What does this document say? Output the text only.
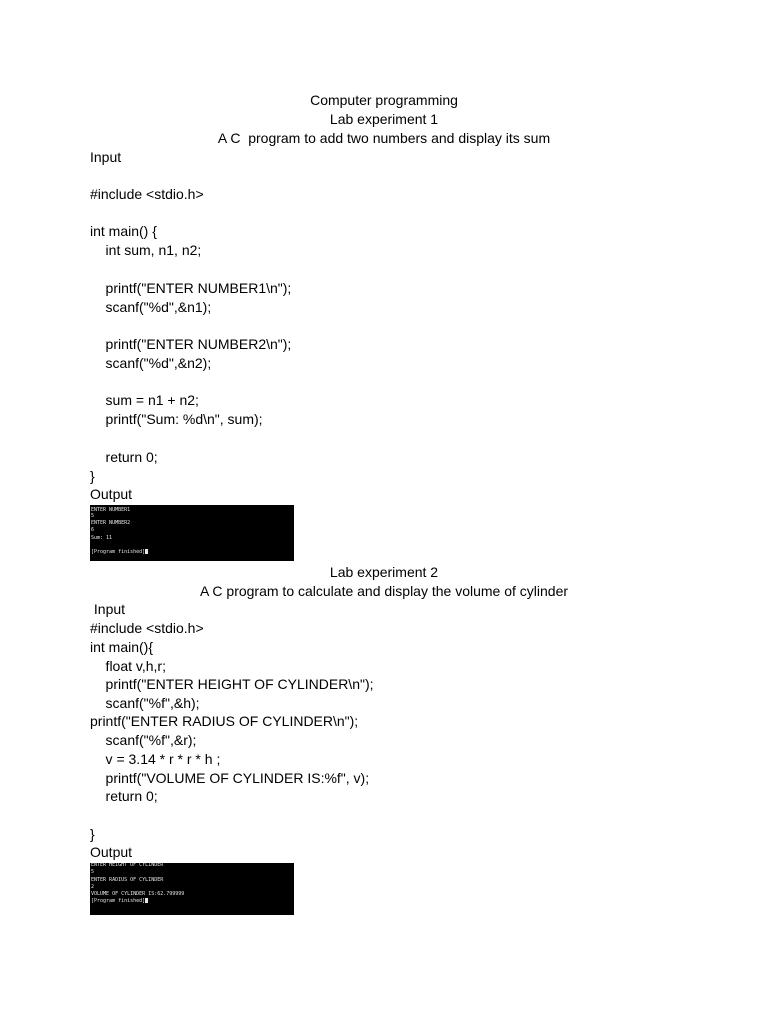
Computer programming
Lab experiment 1
A C  program to add two numbers and display its sum
Input
#include <stdio.h>
int main() {
int sum, n1, n2;
printf("ENTER NUMBER1\n");
scanf("%d",&n1);
printf("ENTER NUMBER2\n");
scanf("%d",&n2);
sum = n1 + n2;
printf("Sum: %d\n", sum);
return 0;
}
Output
ENTER NUMBER1
5
ENTER NUMBER2
6
Sum: 11
[Program finished]
Lab experiment 2
A C program to calculate and display the volume of cylinder
Input
#include <stdio.h>
int main(){
float v,h,r;
printf("ENTER HEIGHT OF CYLINDER\n");
scanf("%f",&h);
printf("ENTER RADIUS OF CYLINDER\n");
scanf("%f",&r);
v = 3.14 * r * r * h ;
printf("VOLUME OF CYLINDER IS:%f", v);
return 0;
}
Output
ENTER HEIGHT OF CYLINDER
5
ENTER RADIUS OF CYLINDER
2
VOLUME OF CYLINDER IS:62.799999
[Program finished]
